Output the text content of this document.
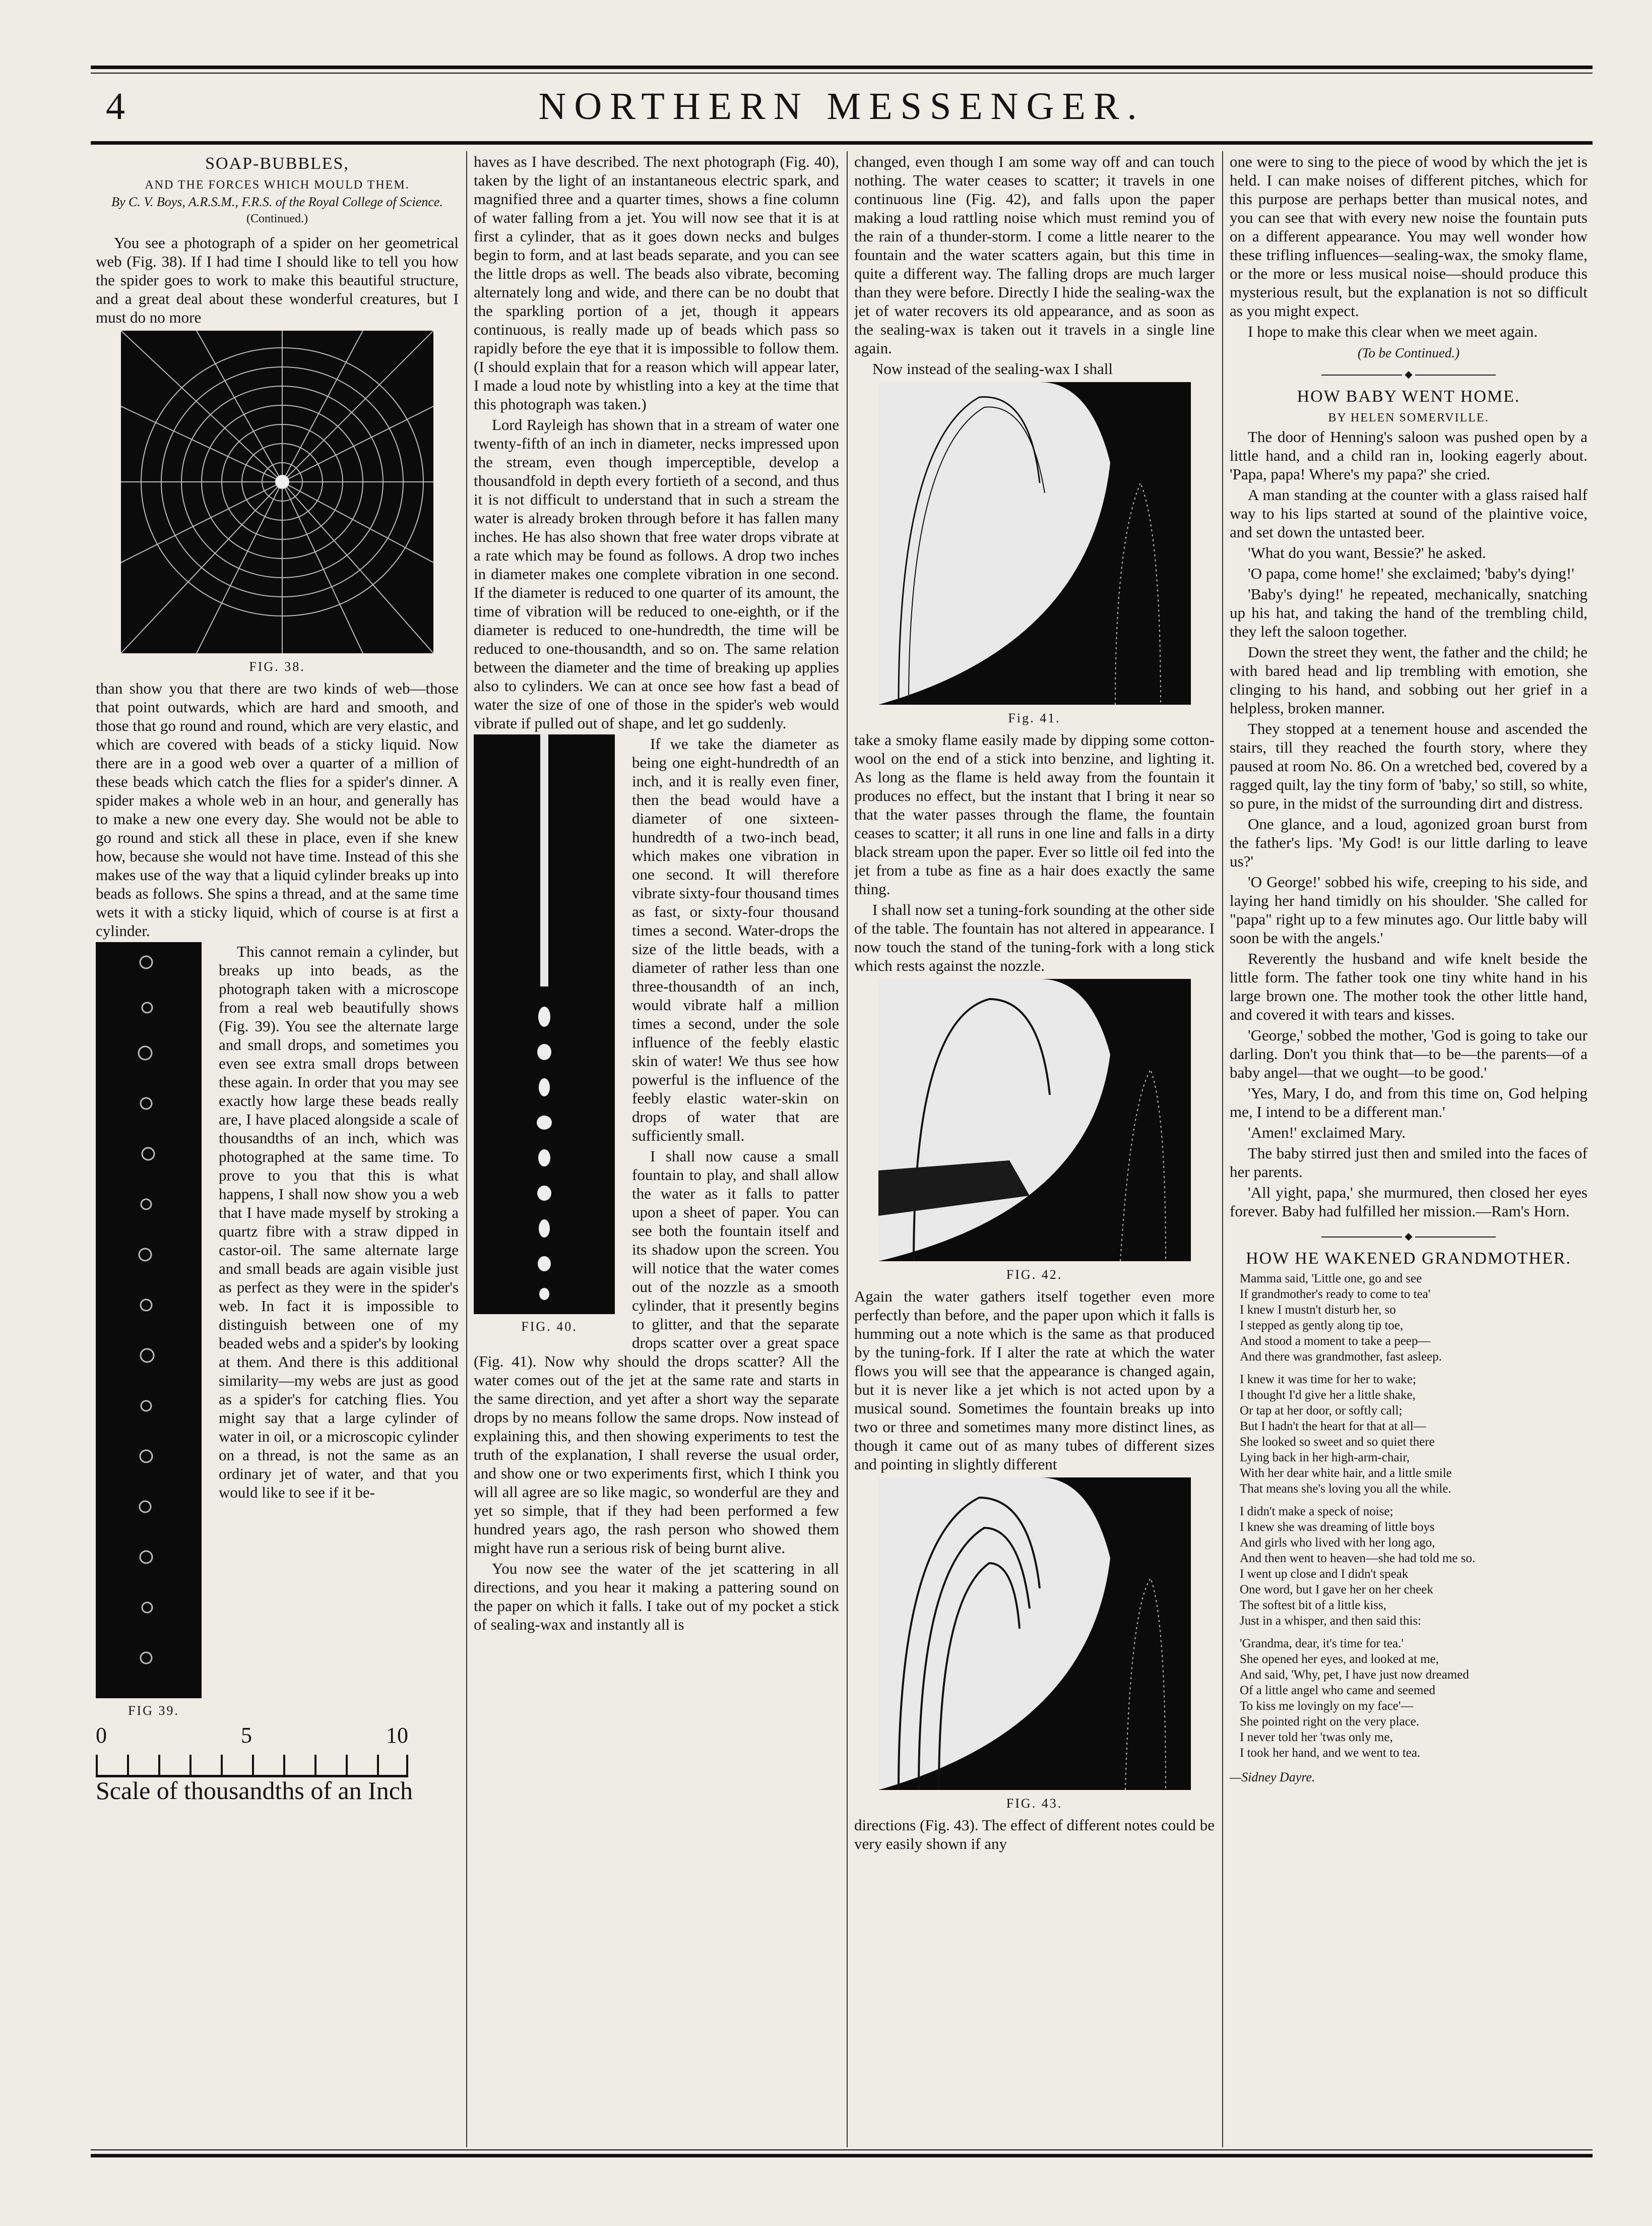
4	NORTHERN MESSENGER.
SOAP-BUBBLES,
AND THE FORCES WHICH MOULD THEM.
By C. V. Boys, A.R.S.M., F.R.S. of the Royal College of Science.
(Continued.)

You see a photograph of a spider on her geometrical web (Fig. 38). If I had time I should like to tell you how the spider goes to work to make this beautiful structure, and a great deal about these wonderful creatures, but I must do no more

FIG. 38.

than show you that there are two kinds of web—those that point outwards, which are hard and smooth, and those that go round and round, which are very elastic, and which are covered with beads of a sticky liquid. Now there are in a good web over a quarter of a million of these beads which catch the flies for a spider's dinner. A spider makes a whole web in an hour, and generally has to make a new one every day. She would not be able to go round and stick all these in place, even if she knew how, because she would not have time. Instead of this she makes use of the way that a liquid cylinder breaks up into beads as follows. She spins a thread, and at the same time wets it with a sticky liquid, which of course is at first a cylinder.

FIG 39.

This cannot remain a cylinder, but breaks up into beads, as the photograph taken with a microscope from a real web beautifully shows (Fig. 39). You see the alternate large and small drops, and sometimes you even see extra small drops between these again. In order that you may see exactly how large these beads really are, I have placed alongside a scale of thousandths of an inch, which was photographed at the same time. To prove to you that this is what happens, I shall now show you a web that I have made myself by stroking a quartz fibre with a straw dipped in castor-oil. The same alternate large and small beads are again visible just as perfect as they were in the spider's web. In fact it is impossible to distinguish between one of my beaded webs and a spider's by looking at them. And there is this additional similarity—my webs are just as good as a spider's for catching flies. You might say that a large cylinder of water in oil, or a microscopic cylinder on a thread, is not the same as an ordinary jet of water, and that you would like to see if it be-

0	5	10
Scale of thousandths of an Inch

haves as I have described. The next photograph (Fig. 40), taken by the light of an instantaneous electric spark, and magnified three and a quarter times, shows a fine column of water falling from a jet. You will now see that it is at first a cylinder, that as it goes down necks and bulges begin to form, and at last beads separate, and you can see the little drops as well. The beads also vibrate, becoming alternately long and wide, and there can be no doubt that the sparkling portion of a jet, though it appears continuous, is really made up of beads which pass so rapidly before the eye that it is impossible to follow them. (I should explain that for a reason which will appear later, I made a loud note by whistling into a key at the time that this photograph was taken.)

Lord Rayleigh has shown that in a stream of water one twenty-fifth of an inch in diameter, necks impressed upon the stream, even though imperceptible, develop a thousandfold in depth every fortieth of a second, and thus it is not difficult to understand that in such a stream the water is already broken through before it has fallen many inches. He has also shown that free water drops vibrate at a rate which may be found as follows. A drop two inches in diameter makes one complete vibration in one second. If the diameter is reduced to one quarter of its amount, the time of vibration will be reduced to one-eighth, or if the diameter is reduced to one-hundredth, the time will be reduced to one-thousandth, and so on. The same relation between the diameter and the time of breaking up applies also to cylinders. We can at once see how fast a bead of water the size of one of those in the spider's web would vibrate if pulled out of shape, and let go suddenly.

FIG. 40.

If we take the diameter as being one eight-hundredth of an inch, and it is really even finer, then the bead would have a diameter of one sixteen-hundredth of a two-inch bead, which makes one vibration in one second. It will therefore vibrate sixty-four thousand times as fast, or sixty-four thousand times a second. Water-drops the size of the little beads, with a diameter of rather less than one three-thousandth of an inch, would vibrate half a million times a second, under the sole influence of the feebly elastic skin of water! We thus see how powerful is the influence of the feebly elastic water-skin on drops of water that are sufficiently small.

I shall now cause a small fountain to play, and shall allow the water as it falls to patter upon a sheet of paper. You can see both the fountain itself and its shadow upon the screen. You will notice that the water comes out of the nozzle as a smooth cylinder, that it presently begins to glitter, and that the separate drops scatter over a great space (Fig. 41). Now why should the drops scatter? All the water comes out of the jet at the same rate and starts in the same direction, and yet after a short way the separate drops by no means follow the same drops. Now instead of explaining this, and then showing experiments to test the truth of the explanation, I shall reverse the usual order, and show one or two experiments first, which I think you will all agree are so like magic, so wonderful are they and yet so simple, that if they had been performed a few hundred years ago, the rash person who showed them might have run a serious risk of being burnt alive.

You now see the water of the jet scattering in all directions, and you hear it making a pattering sound on the paper on which it falls. I take out of my pocket a stick of sealing-wax and instantly all is

changed, even though I am some way off and can touch nothing. The water ceases to scatter; it travels in one continuous line (Fig. 42), and falls upon the paper making a loud rattling noise which must remind you of the rain of a thunder-storm. I come a little nearer to the fountain and the water scatters again, but this time in quite a different way. The falling drops are much larger than they were before. Directly I hide the sealing-wax the jet of water recovers its old appearance, and as soon as the sealing-wax is taken out it travels in a single line again.

Now instead of the sealing-wax I shall

Fig. 41.

take a smoky flame easily made by dipping some cotton-wool on the end of a stick into benzine, and lighting it. As long as the flame is held away from the fountain it produces no effect, but the instant that I bring it near so that the water passes through the flame, the fountain ceases to scatter; it all runs in one line and falls in a dirty black stream upon the paper. Ever so little oil fed into the jet from a tube as fine as a hair does exactly the same thing.

I shall now set a tuning-fork sounding at the other side of the table. The fountain has not altered in appearance. I now touch the stand of the tuning-fork with a long stick which rests against the nozzle.

FIG. 42.

Again the water gathers itself together even more perfectly than before, and the paper upon which it falls is humming out a note which is the same as that produced by the tuning-fork. If I alter the rate at which the water flows you will see that the appearance is changed again, but it is never like a jet which is not acted upon by a musical sound. Sometimes the fountain breaks up into two or three and sometimes many more distinct lines, as though it came out of as many tubes of different sizes and pointing in slightly different

FIG. 43.

directions (Fig. 43). The effect of different notes could be very easily shown if any

one were to sing to the piece of wood by which the jet is held. I can make noises of different pitches, which for this purpose are perhaps better than musical notes, and you can see that with every new noise the fountain puts on a different appearance. You may well wonder how these trifling influences—sealing-wax, the smoky flame, or the more or less musical noise—should produce this mysterious result, but the explanation is not so difficult as you might expect.

I hope to make this clear when we meet again.

(To be Continued.)
◆
HOW BABY WENT HOME.
BY HELEN SOMERVILLE.

The door of Henning's saloon was pushed open by a little hand, and a child ran in, looking eagerly about. 'Papa, papa! Where's my papa?' she cried.

A man standing at the counter with a glass raised half way to his lips started at sound of the plaintive voice, and set down the untasted beer.

'What do you want, Bessie?' he asked.

'O papa, come home!' she exclaimed; 'baby's dying!'

'Baby's dying!' he repeated, mechanically, snatching up his hat, and taking the hand of the trembling child, they left the saloon together.

Down the street they went, the father and the child; he with bared head and lip trembling with emotion, she clinging to his hand, and sobbing out her grief in a helpless, broken manner.

They stopped at a tenement house and ascended the stairs, till they reached the fourth story, where they paused at room No. 86. On a wretched bed, covered by a ragged quilt, lay the tiny form of 'baby,' so still, so white, so pure, in the midst of the surrounding dirt and distress.

One glance, and a loud, agonized groan burst from the father's lips. 'My God! is our little darling to leave us?'

'O George!' sobbed his wife, creeping to his side, and laying her hand timidly on his shoulder. 'She called for "papa" right up to a few minutes ago. Our little baby will soon be with the angels.'

Reverently the husband and wife knelt beside the little form. The father took one tiny white hand in his large brown one. The mother took the other little hand, and covered it with tears and kisses.

'George,' sobbed the mother, 'God is going to take our darling. Don't you think that—to be—the parents—of a baby angel—that we ought—to be good.'

'Yes, Mary, I do, and from this time on, God helping me, I intend to be a different man.'

'Amen!' exclaimed Mary.

The baby stirred just then and smiled into the faces of her parents.

'All yight, papa,' she murmured, then closed her eyes forever. Baby had fulfilled her mission.—Ram's Horn.

◆
HOW HE WAKENED GRANDMOTHER.
Mamma said, 'Little one, go and see
If grandmother's ready to come to tea'
I knew I mustn't disturb her, so
I stepped as gently along tip toe,
And stood a moment to take a peep—
And there was grandmother, fast asleep.
I knew it was time for her to wake;
I thought I'd give her a little shake,
Or tap at her door, or softly call;
But I hadn't the heart for that at all—
She looked so sweet and so quiet there
Lying back in her high-arm-chair,
With her dear white hair, and a little smile
That means she's loving you all the while.
I didn't make a speck of noise;
I knew she was dreaming of little boys
And girls who lived with her long ago,
And then went to heaven—she had told me so.
I went up close and I didn't speak
One word, but I gave her on her cheek
The softest bit of a little kiss,
Just in a whisper, and then said this:
'Grandma, dear, it's time for tea.'
She opened her eyes, and looked at me,
And said, 'Why, pet, I have just now dreamed
Of a little angel who came and seemed
To kiss me lovingly on my face'—
She pointed right on the very place.
I never told her 'twas only me,
I took her hand, and we went to tea.
—Sidney Dayre.
